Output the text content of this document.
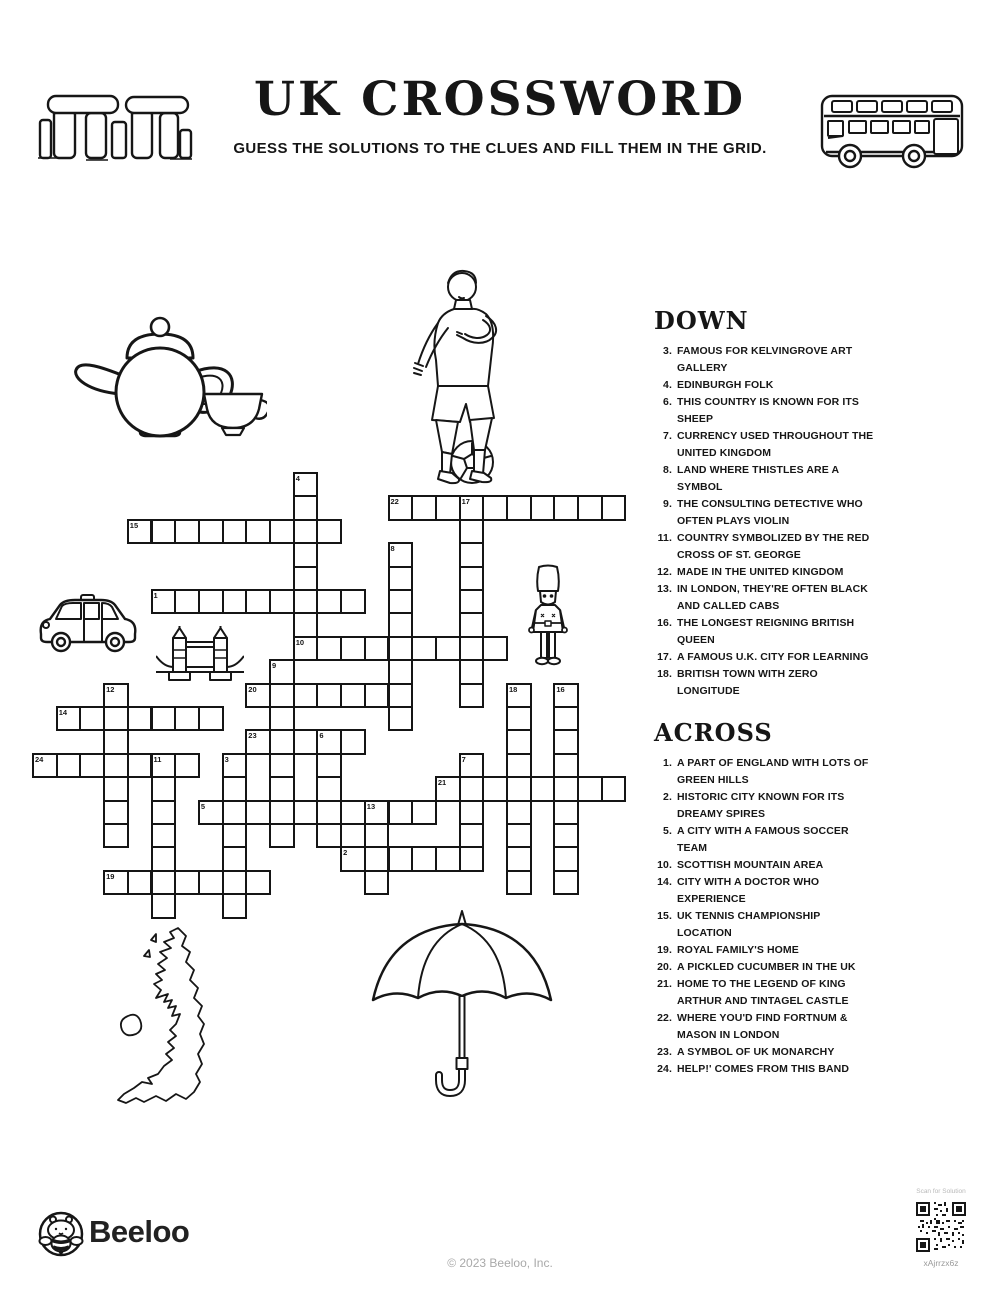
UK CROSSWORD
GUESS THE SOLUTIONS TO THE CLUES AND FILL THEM IN THE GRID.
22	17
15
1
10
20
14
23	6
24	11
21
5	13
2
19
4
8
9
12	18	16
3	7
DOWN
3. FAMOUS FOR KELVINGROVE ART GALLERY
4. EDINBURGH FOLK
6. THIS COUNTRY IS KNOWN FOR ITS SHEEP
7. CURRENCY USED THROUGHOUT THE UNITED KINGDOM
8. LAND WHERE THISTLES ARE A SYMBOL
9. THE CONSULTING DETECTIVE WHO OFTEN PLAYS VIOLIN
11. COUNTRY SYMBOLIZED BY THE RED CROSS OF ST. GEORGE
12. MADE IN THE UNITED KINGDOM
13. IN LONDON, THEY'RE OFTEN BLACK AND CALLED CABS
16. THE LONGEST REIGNING BRITISH QUEEN
17. A FAMOUS U.K. CITY FOR LEARNING
18. BRITISH TOWN WITH ZERO LONGITUDE
ACROSS
1. A PART OF ENGLAND WITH LOTS OF GREEN HILLS
2. HISTORIC CITY KNOWN FOR ITS DREAMY SPIRES
5. A CITY WITH A FAMOUS SOCCER TEAM
10. SCOTTISH MOUNTAIN AREA
14. CITY WITH A DOCTOR WHO EXPERIENCE
15. UK TENNIS CHAMPIONSHIP LOCATION
19. ROYAL FAMILY'S HOME
20. A PICKLED CUCUMBER IN THE UK
21. HOME TO THE LEGEND OF KING ARTHUR AND TINTAGEL CASTLE
22. WHERE YOU'D FIND FORTNUM & MASON IN LONDON
23. A SYMBOL OF UK MONARCHY
24. HELP!' COMES FROM THIS BAND
Beeloo
© 2023 Beeloo, Inc.
Scan for Solution
xAjrrzx6z
